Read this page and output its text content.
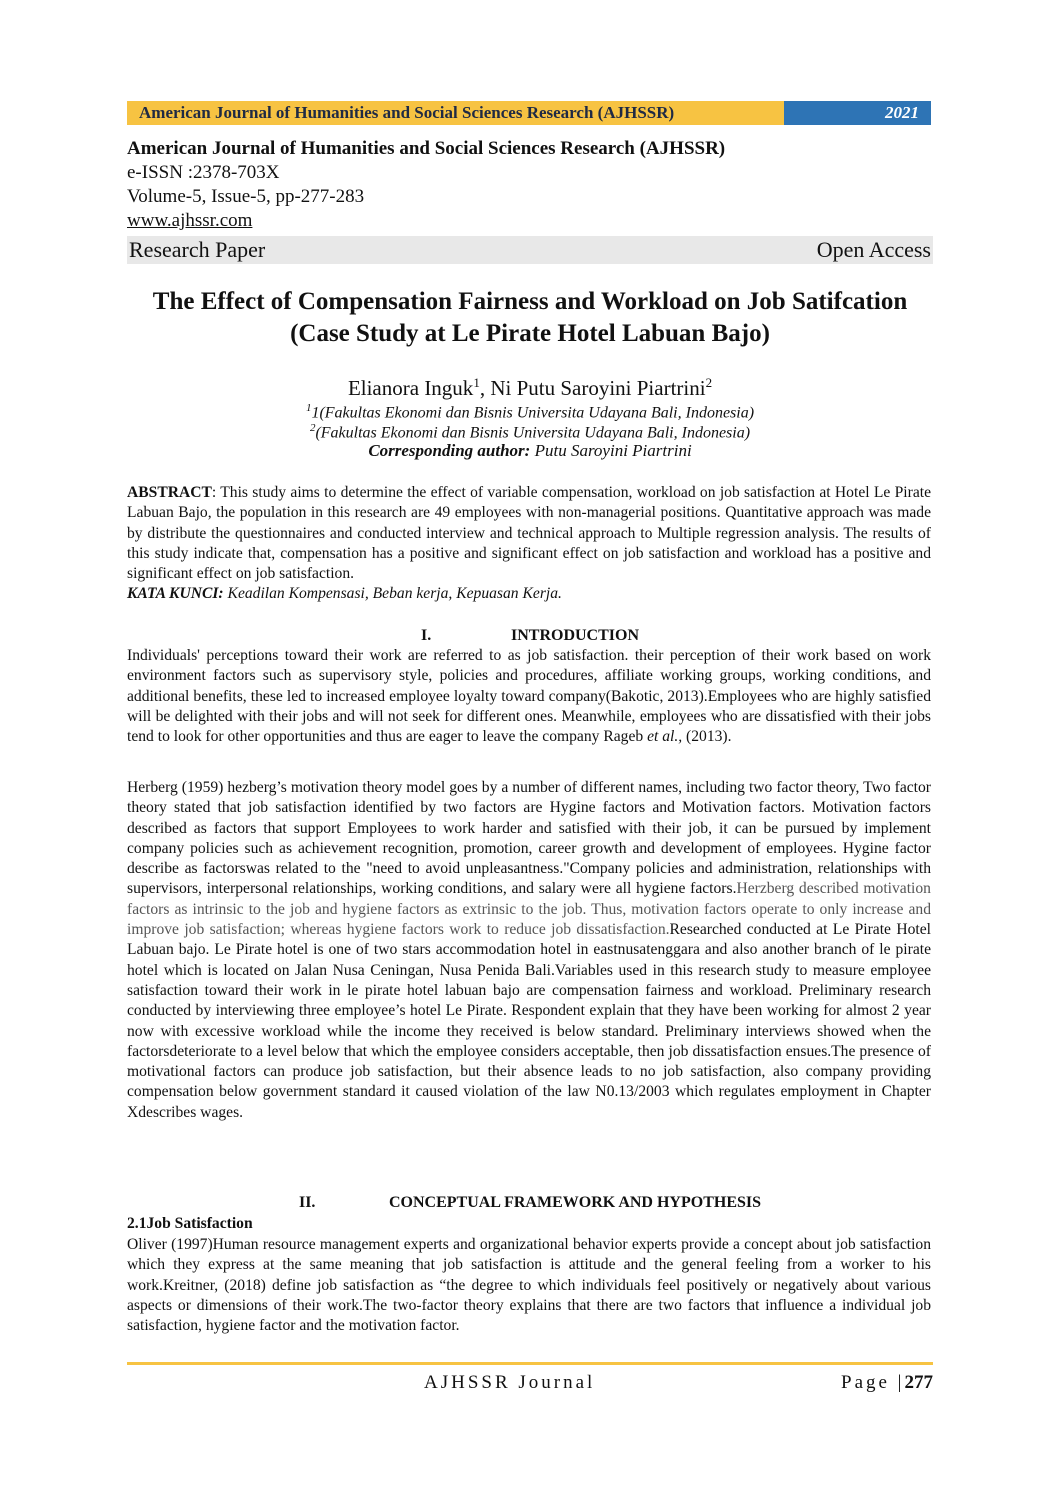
American Journal of Humanities and Social Sciences Research (AJHSSR)	2021
American Journal of Humanities and Social Sciences Research (AJHSSR)
e-ISSN :2378-703X
Volume-5, Issue-5, pp-277-283
www.ajhssr.com
Research Paper	Open Access
The Effect of Compensation Fairness and Workload on Job Satifcation (Case Study at Le Pirate Hotel Labuan Bajo)
Elianora Inguk$^1$, Ni Putu Saroyini Piartrini$^2$
$^1$1(Fakultas Ekonomi dan Bisnis Universita Udayana Bali, Indonesia)
$^2$(Fakultas Ekonomi dan Bisnis Universita Udayana Bali, Indonesia)
Corresponding author: Putu Saroyini Piartrini
ABSTRACT: This study aims to determine the effect of variable compensation, workload on job satisfaction at Hotel Le Pirate Labuan Bajo, the population in this research are 49 employees with non-managerial positions. Quantitative approach was made by distribute the questionnaires and conducted interview and technical approach to Multiple regression analysis. The results of this study indicate that, compensation has a positive and significant effect on job satisfaction and workload has a positive and significant effect on job satisfaction.
KATA KUNCI: Keadilan Kompensasi, Beban kerja, Kepuasan Kerja.
I.	INTRODUCTION
Individuals' perceptions toward their work are referred to as job satisfaction. their perception of their work based on work environment factors such as supervisory style, policies and procedures, affiliate working groups, working conditions, and additional benefits, these led to increased employee loyalty toward company(Bakotic, 2013).Employees who are highly satisfied will be delighted with their jobs and will not seek for different ones. Meanwhile, employees who are dissatisfied with their jobs tend to look for other opportunities and thus are eager to leave the company Rageb et al., (2013).
Herberg (1959) hezberg’s motivation theory model goes by a number of different names, including two factor theory, Two factor theory stated that job satisfaction identified by two factors are Hygine factors and Motivation factors. Motivation factors described as factors that support Employees to work harder and satisfied with their job, it can be pursued by implement company policies such as achievement recognition, promotion, career growth and development of employees. Hygine factor describe as factorswas related to the "need to avoid unpleasantness."Company policies and administration, relationships with supervisors, interpersonal relationships, working conditions, and salary were all hygiene factors.Herzberg described motivation factors as intrinsic to the job and hygiene factors as extrinsic to the job. Thus, motivation factors operate to only increase and improve job satisfaction; whereas hygiene factors work to reduce job dissatisfaction.Researched conducted at Le Pirate Hotel Labuan bajo. Le Pirate hotel is one of two stars accommodation hotel in eastnusatenggara and also another branch of le pirate hotel which is located on Jalan Nusa Ceningan, Nusa Penida Bali.Variables used in this research study to measure employee satisfaction toward their work in le pirate hotel labuan bajo are compensation fairness and workload. Preliminary research conducted by interviewing three employee’s hotel Le Pirate. Respondent explain that they have been working for almost 2 year now with excessive workload while the income they received is below standard. Preliminary interviews showed when the factorsdeteriorate to a level below that which the employee considers acceptable, then job dissatisfaction ensues.The presence of motivational factors can produce job satisfaction, but their absence leads to no job satisfaction, also company providing compensation below government standard it caused violation of the law N0.13/2003 which regulates employment in Chapter Xdescribes wages.
II.	CONCEPTUAL FRAMEWORK AND HYPOTHESIS
2.1Job Satisfaction
Oliver (1997)Human resource management experts and organizational behavior experts provide a concept about job satisfaction which they express at the same meaning that job satisfaction is attitude and the general feeling from a worker to his work.Kreitner, (2018) define job satisfaction as “the degree to which individuals feel positively or negatively about various aspects or dimensions of their work.The two-factor theory explains that there are two factors that influence a individual job satisfaction, hygiene factor and the motivation factor.
AJHSSR Journal	Page |277
